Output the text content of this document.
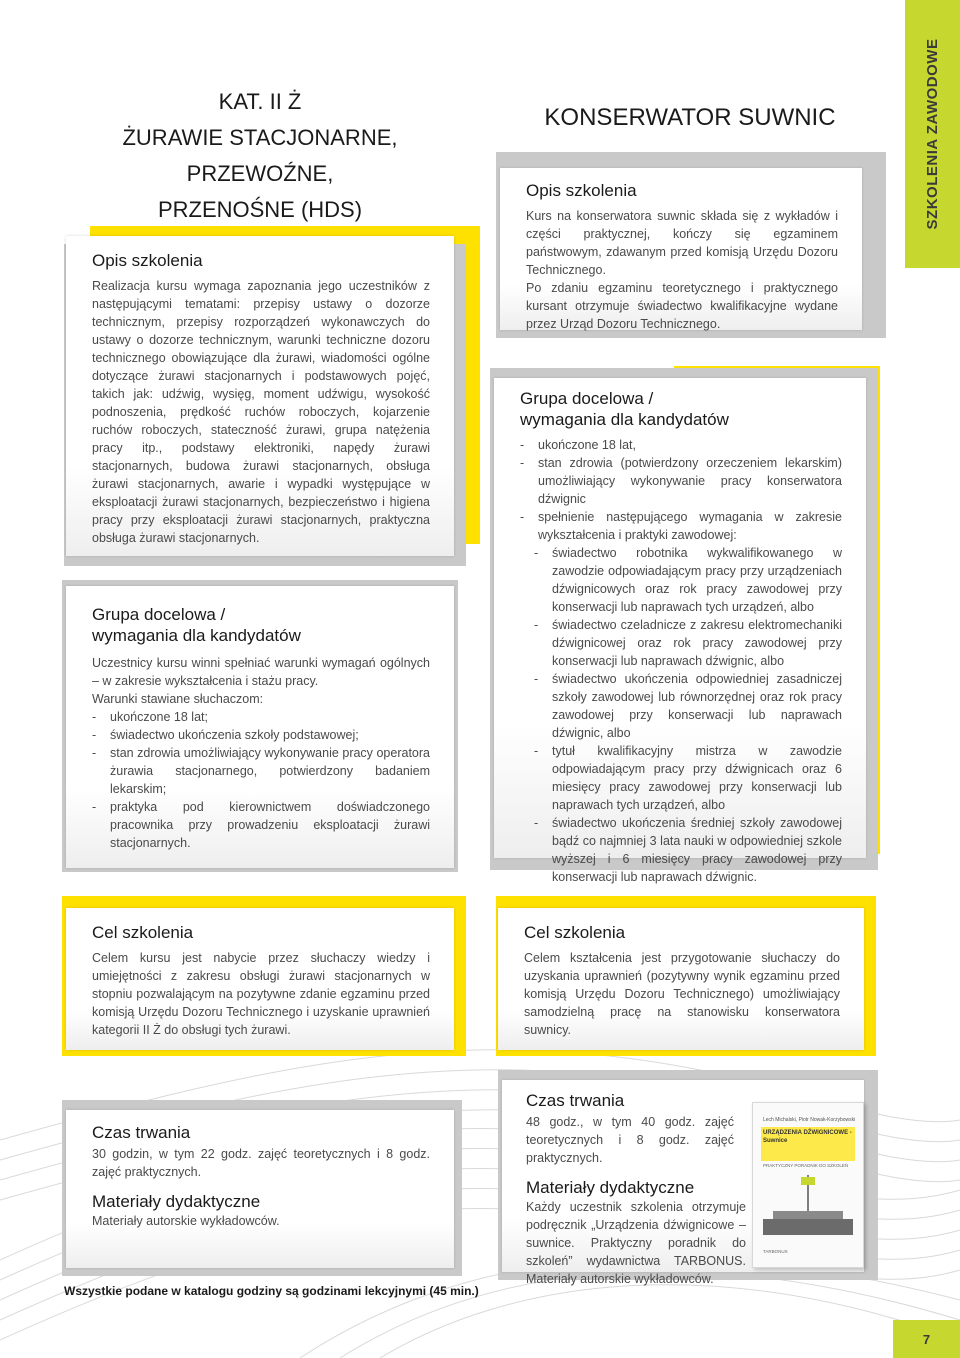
SZKOLENIA ZAWODOWE
KAT. II Ż
ŻURAWIE STACJONARNE,
PRZEWOŹNE,
PRZENOŚNE (HDS)
KONSERWATOR SUWNIC
Opis szkolenia

Realizacja kursu wymaga zapoznania jego uczestników z następującymi tematami: przepisy ustawy o dozorze technicznym, przepisy rozporządzeń wykonawczych do ustawy o dozorze technicznym, warunki techniczne dozoru technicznego obowiązujące dla żurawi, wiadomości ogólne dotyczące żurawi stacjonarnych i podstawowych pojęć, takich jak: udźwig, wysięg, moment udźwigu, wysokość podnoszenia, prędkość ruchów roboczych, kojarzenie ruchów roboczych, stateczność żurawi, grupa natężenia pracy itp., podstawy elektroniki, napędy żurawi stacjonarnych, budowa żurawi stacjonarnych, obsługa żurawi stacjonarnych, awarie i wypadki występujące w eksploatacji żurawi stacjonarnych, bezpieczeństwo i higiena pracy przy eksploatacji żurawi stacjonarnych, praktyczna obsługa żurawi stacjonarnych.

Grupa docelowa /
wymagania dla kandydatów

Uczestnicy kursu winni spełniać warunki wymagań ogólnych – w zakresie wykształcenia i stażu pracy.

Warunki stawiane słuchaczom:

- ukończone 18 lat;
- świadectwo ukończenia szkoły podstawowej;
- stan zdrowia umożliwiający wykonywanie pracy operatora żurawia stacjonarnego, potwierdzony badaniem lekarskim;
- praktyka pod kierownictwem doświadczonego pracownika przy prowadzeniu eksploatacji żurawi stacjonarnych.
Opis szkolenia

Kurs na konserwatora suwnic składa się z wykładów i części praktycznej, kończy się egzaminem państwowym, zdawanym przed komisją Urzędu Dozoru Technicznego.

Po zdaniu egzaminu teoretycznego i praktycznego kursant otrzymuje świadectwo kwalifikacyjne wydane przez Urząd Dozoru Technicznego.

Grupa docelowa /
wymagania dla kandydatów
- ukończone 18 lat,
- stan zdrowia (potwierdzony orzeczeniem lekarskim) umożliwiający wykonywanie pracy konserwatora dźwignic
- spełnienie następującego wymagania w zakresie wykształcenia i praktyki zawodowej:
- świadectwo robotnika wykwalifikowanego w zawodzie odpowiadającym pracy przy urządzeniach dźwignicowych oraz rok pracy zawodowej przy konserwacji lub naprawach tych urządzeń, albo
- świadectwo czeladnicze z zakresu elektromechaniki dźwignicowej oraz rok pracy zawodowej przy konserwacji lub naprawach dźwignic, albo
- świadectwo ukończenia odpowiedniej zasadniczej szkoły zawodowej lub równorzędnej oraz rok pracy zawodowej przy konserwacji lub naprawach dźwignic, albo
- tytuł kwalifikacyjny mistrza w zawodzie odpowiadającym pracy przy dźwignicach oraz 6 miesięcy pracy zawodowej przy konserwacji lub naprawach tych urządzeń, albo
- świadectwo ukończenia średniej szkoły zawodowej bądź co najmniej 3 lata nauki w odpowiedniej szkole wyższej i 6 miesięcy pracy zawodowej przy konserwacji lub naprawach dźwignic.
Cel szkolenia

Celem kursu jest nabycie przez słuchaczy wiedzy i umiejętności z zakresu obsługi żurawi stacjonarnych w stopniu pozwalającym na pozytywne zdanie egzaminu przed komisją Urzędu Dozoru Technicznego i uzyskanie uprawnień kategorii II Ż do obsługi tych żurawi.

Cel szkolenia

Celem kształcenia jest przygotowanie słuchaczy do uzyskania uprawnień (pozytywny wynik egzaminu przed komisją Urzędu Dozoru Technicznego) umożliwiający samodzielną pracę na stanowisku konserwatora suwnicy.

Czas trwania

30 godzin, w tym 22 godz. zajęć teoretycznych i 8 godz. zajęć praktycznych.

Materiały dydaktyczne

Materiały autorskie wykładowców.

Czas trwania

48 godz., w tym 40 godz. zajęć teoretycznych i 8 godz. zajęć praktycznych.

Materiały dydaktyczne

Każdy uczestnik szkolenia otrzymuje podręcznik „Urządzenia dźwignicowe – suwnice. Praktyczny poradnik do szkoleń” wydawnictwa TARBONUS. Materiały autorskie wykładowców.

Lech Michalski, Piotr Nowak-Korzybowski
URZĄDZENIA DŹWIGNICOWE - Suwnice
PRAKTYCZNY PORADNIK DO SZKOLEŃ
TARBONUS
Wszystkie podane w katalogu godziny są godzinami lekcyjnymi (45 min.)
7
